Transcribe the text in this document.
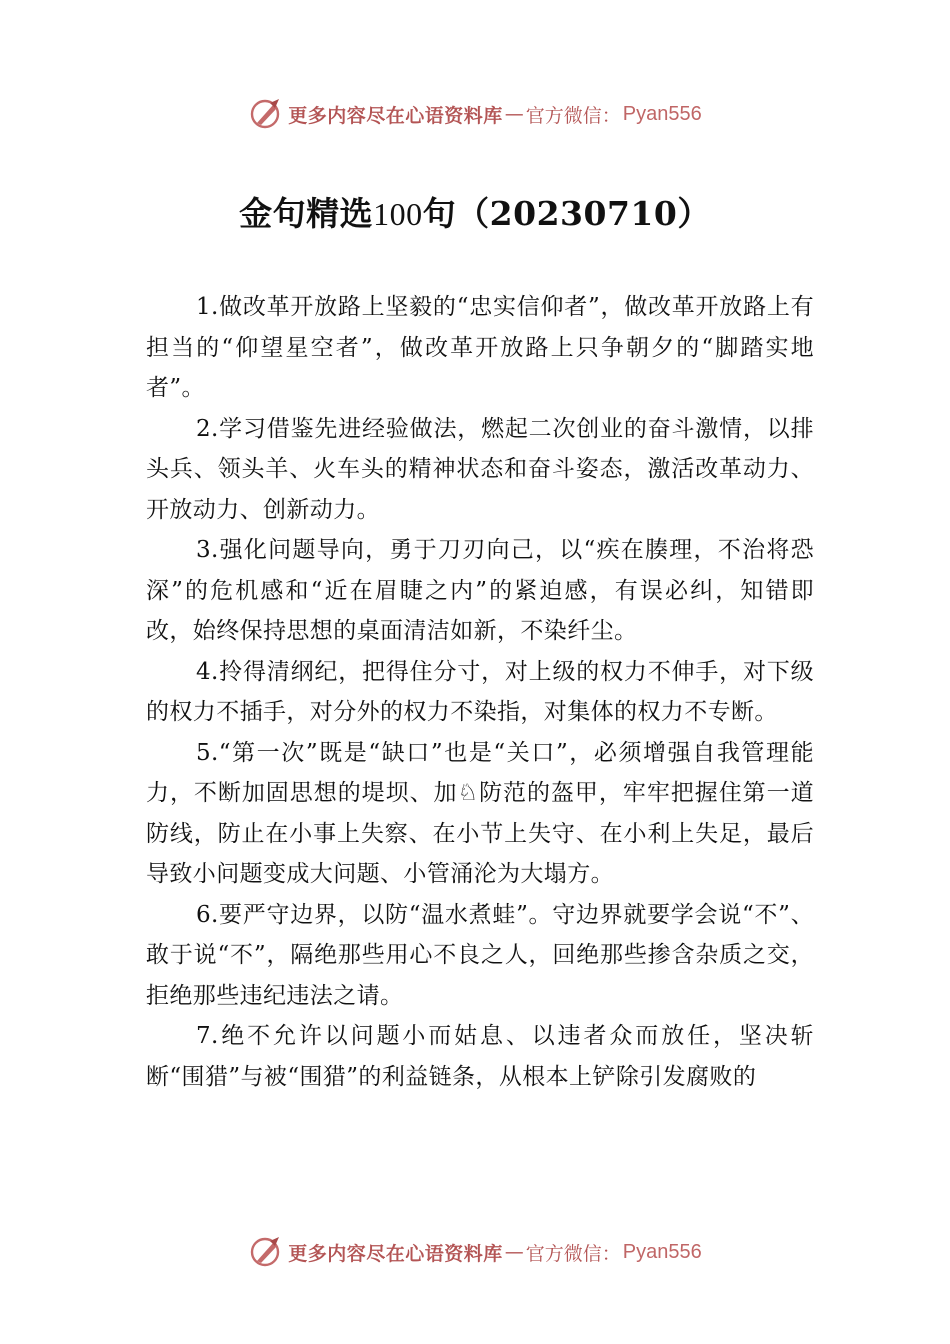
更多内容尽在心语资料库 — 官方微信： Pyan556
金句精选100句（20230710）

1.做改革开放路上坚毅的“忠实信仰者”，做改革开放路上有担当的“仰望星空者”，做改革开放路上只争朝夕的“脚踏实地者”。

2.学习借鉴先进经验做法，燃起二次创业的奋斗激情，以排头兵、领头羊、火车头的精神状态和奋斗姿态，激活改革动力、开放动力、创新动力。

3.强化问题导向，勇于刀刃向己，以“疾在腠理，不治将恐深”的危机感和“近在眉睫之内”的紧迫感，有误必纠，知错即改，始终保持思想的桌面清洁如新，不染纤尘。

4.拎得清纲纪，把得住分寸，对上级的权力不伸手，对下级的权力不插手，对分外的权力不染指，对集体的权力不专断。

5.“第一次”既是“缺口”也是“关口”，必须增强自我管理能力，不断加固思想的堤坝、加♘防范的盔甲，牢牢把握住第一道防线，防止在小事上失察、在小节上失守、在小利上失足，最后导致小问题变成大问题、小管涌沦为大塌方。

6.要严守边界，以防“温水煮蛙”。守边界就要学会说“不”、敢于说“不”，隔绝那些用心不良之人，回绝那些掺含杂质之交，拒绝那些违纪违法之请。

7.绝不允许以问题小而姑息、以违者众而放任，坚决斩断“围猎”与被“围猎”的利益链条，从根本上铲除引发腐败的

更多内容尽在心语资料库 — 官方微信： Pyan556
